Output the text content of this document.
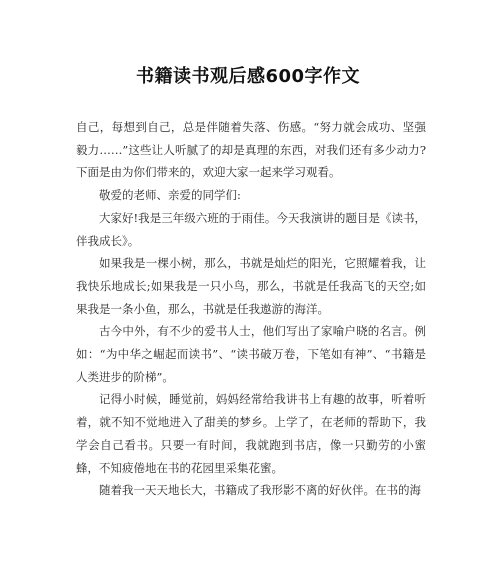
书籍读书观后感600字作文

自己，每想到自己，总是伴随着失落、伤感。“努力就会成功、坚强毅力……”这些让人听腻了的却是真理的东西，对我们还有多少动力?下面是由为你们带来的，欢迎大家一起来学习观看。

敬爱的老师、亲爱的同学们:

大家好!我是三年级六班的于雨佳。今天我演讲的题目是《读书，伴我成长》。

如果我是一棵小树，那么，书就是灿烂的阳光，它照耀着我，让我快乐地成长;如果我是一只小鸟，那么，书就是任我高飞的天空;如果我是一条小鱼，那么，书就是任我遨游的海洋。

古今中外，有不少的爱书人士，他们写出了家喻户晓的名言。例如：“为中华之崛起而读书”、“读书破万卷，下笔如有神”、“书籍是人类进步的阶梯”。

记得小时候，睡觉前，妈妈经常给我讲书上有趣的故事，听着听着，就不知不觉地进入了甜美的梦乡。上学了，在老师的帮助下，我学会自己看书。只要一有时间，我就跑到书店，像一只勤劳的小蜜蜂，不知疲倦地在书的花园里采集花蜜。

随着我一天天地长大，书籍成了我形影不离的好伙伴。在书的海
